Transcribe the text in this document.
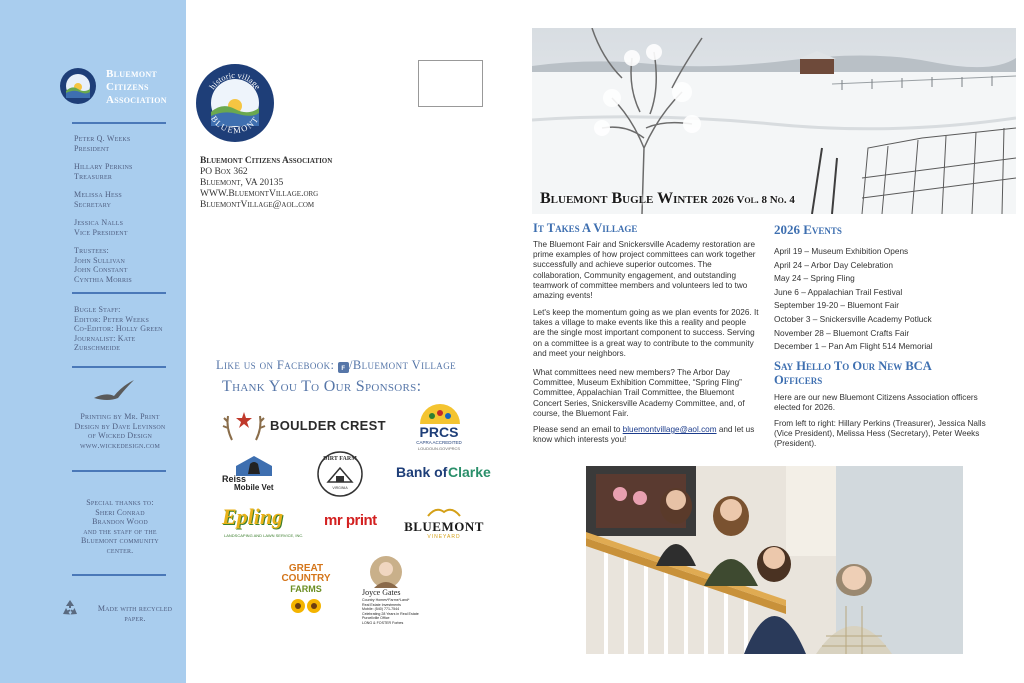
Bluemont
Citizens
Association
Peter Q. Weeks
President
Hillary Perkins
Treasurer
Melissa Hess
Secretary
Jessica Nalls
Vice President
Trustees:
John Sullivan
John Constant
Cynthia Morris
Bugle Staff:
Editor: Peter Weeks
Co-Editor: Holly Green
Journalist: Kate
Zurschmeide
Printing by Mr. Print
Design by Dave Levinson
of Wicked Design
www.wickedesign.com
Special thanks to:
Sheri Conrad
Brandon Wood
and the staff of the
Bluemont community
center.
Made with recycled
paper.
historic village
BLUEMONT
Bluemont Citizens Association
PO Box 362
Bluemont, VA 20135
WWW.BluemontVillage.org
BluemontVillage@aol.com
Like us on Facebook: f /Bluemont Village
Thank You To Our Sponsors:
BOULDER CREST	PRCS
CAPRA ACCREDITED
LOUDOUN.GOV/PRCS
Reiss
Mobile Vet
DIRT FARM
VIRGINIA
Bank of Clarke
Epling
LANDSCAPING AND LAWN SERVICE, INC.
mr print BLUEMONT
VINEYARD
GREAT
COUNTRY
FARMS	Joyce Gates
Country Homes*Farms*Land*
Real Estate Investments
Mobile: (540) 771-7544
Celebrating 28 Years in Real Estate
Purcellville Office
LONG & FOSTER Forbes
Bluemont Bugle Winter 2026 Vol. 8 No. 4
It Takes A Village
The Bluemont Fair and Snickersville Academy restoration are prime examples of how project committees can work together successfully and achieve superior outcomes. The collaboration, Community engagement, and outstanding teamwork of committee members and volunteers led to two amazing events!
Let's keep the momentum going as we plan events for 2026. It takes a village to make events like this a reality and people are the single most important component to success. Serving on a committee is a great way to contribute to the community and meet your neighbors.
What committees need new members? The Arbor Day Committee, Museum Exhibition Committee, “Spring Fling” Committee, Appalachian Trail Committee, the Bluemont Concert Series, Snickersville Academy Committee, and, of course, the Bluemont Fair.
Please send an email to bluemontvillage@aol.com and let us know which interests you!
2026 Events
April 19 – Museum Exhibition Opens
April 24 – Arbor Day Celebration
May 24 – Spring Fling
June 6 – Appalachian Trail Festival
September 19-20 – Bluemont Fair
October 3 – Snickersville Academy Potluck
November 28 – Bluemont Crafts Fair
December 1 – Pan Am Flight 514 Memorial
Say Hello To Our New BCA
Officers
Here are our new Bluemont Citizens Association officers elected for 2026.
From left to right: Hillary Perkins (Treasurer), Jessica Nalls (Vice President), Melissa Hess (Secretary), Peter Weeks (President).
